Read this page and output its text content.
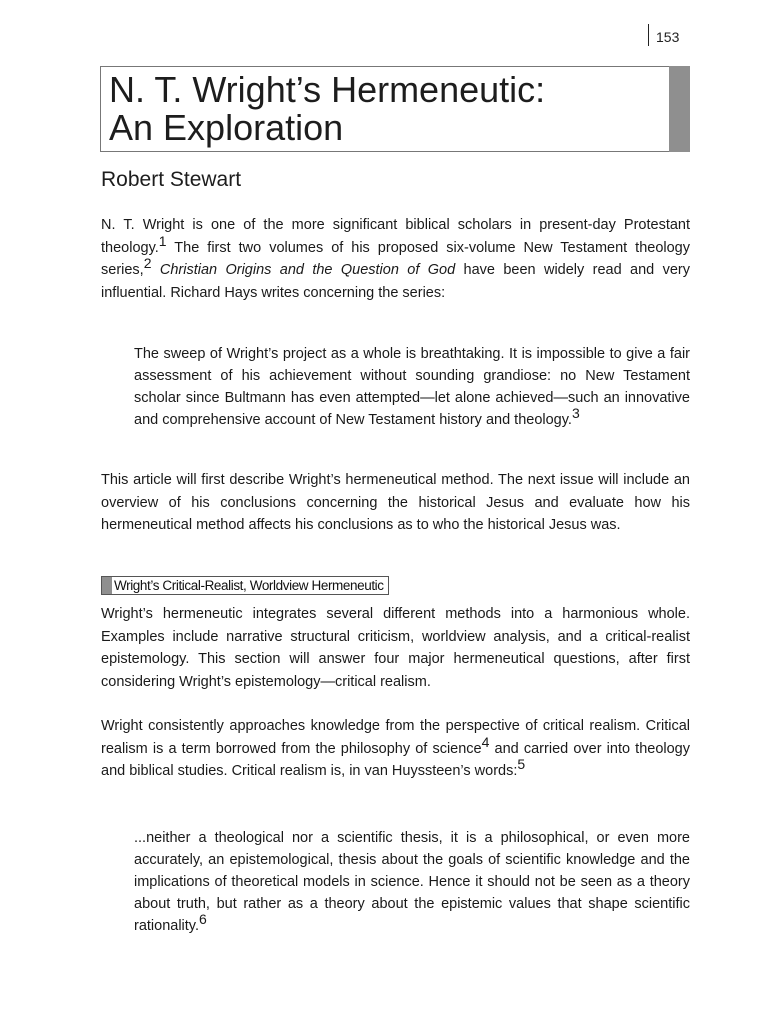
153
N. T. Wright’s Hermeneutic:
An Exploration
Robert Stewart

N. T. Wright is one of the more significant biblical scholars in present-day Protestant theology.$^1$ The first two volumes of his proposed six-volume New Testament theology series,$^2$ Christian Origins and the Question of God have been widely read and very influential. Richard Hays writes concerning the series:

The sweep of Wright’s project as a whole is breathtaking. It is impossible to give a fair assessment of his achievement without sounding grandiose: no New Testament scholar since Bultmann has even attempted—let alone achieved—such an innovative and comprehensive account of New Testament history and theology.$^3$

This article will first describe Wright’s hermeneutical method. The next issue will include an overview of his conclusions concerning the historical Jesus and evaluate how his hermeneutical method affects his conclusions as to who the historical Jesus was.

Wright’s Critical-Realist, Worldview Hermeneutic

Wright’s hermeneutic integrates several different methods into a harmonious whole. Examples include narrative structural criticism, worldview analysis, and a critical-realist epistemology. This section will answer four major hermeneutical questions, after first considering Wright’s epistemology—critical realism.

Wright consistently approaches knowledge from the perspective of critical realism. Critical realism is a term borrowed from the philosophy of science$^4$ and carried over into theology and biblical studies. Critical realism is, in van Huyssteen’s words:$^5$

...neither a theological nor a scientific thesis, it is a philosophical, or even more accurately, an epistemological, thesis about the goals of scientific knowledge and the implications of theoretical models in science. Hence it should not be seen as a theory about truth, but rather as a theory about the epistemic values that shape scientific rationality.$^6$
